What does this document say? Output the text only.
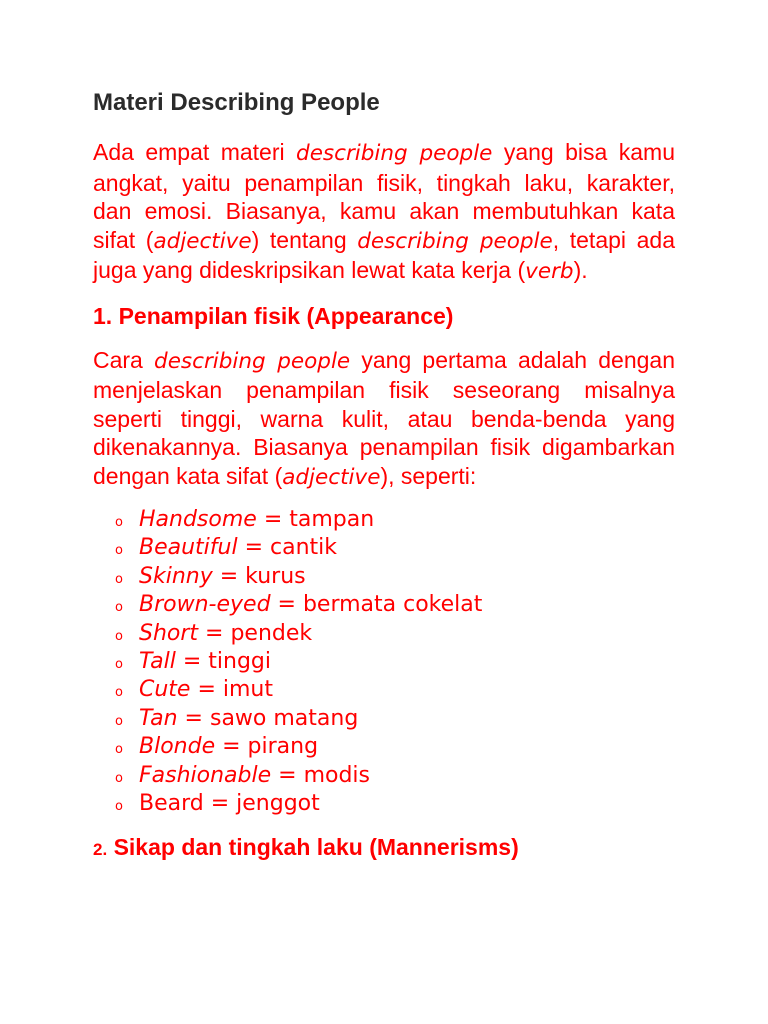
Materi Describing People

Ada empat materi describing people yang bisa kamu angkat, yaitu penampilan fisik, tingkah laku, karakter, dan emosi. Biasanya, kamu akan membutuhkan kata sifat (adjective) tentang describing people, tetapi ada juga yang dideskripsikan lewat kata kerja (verb).

1. Penampilan fisik (Appearance)

Cara describing people yang pertama adalah dengan menjelaskan penampilan fisik seseorang misalnya seperti tinggi, warna kulit, atau benda-benda yang dikenakannya. Biasanya penampilan fisik digambarkan dengan kata sifat (adjective), seperti:

o Handsome = tampan
o Beautiful = cantik
o Skinny = kurus
o Brown-eyed = bermata cokelat
o Short = pendek
o Tall = tinggi
o Cute = imut
o Tan = sawo matang
o Blonde = pirang
o Fashionable = modis
o Beard = jenggot
2. Sikap dan tingkah laku (Mannerisms)
